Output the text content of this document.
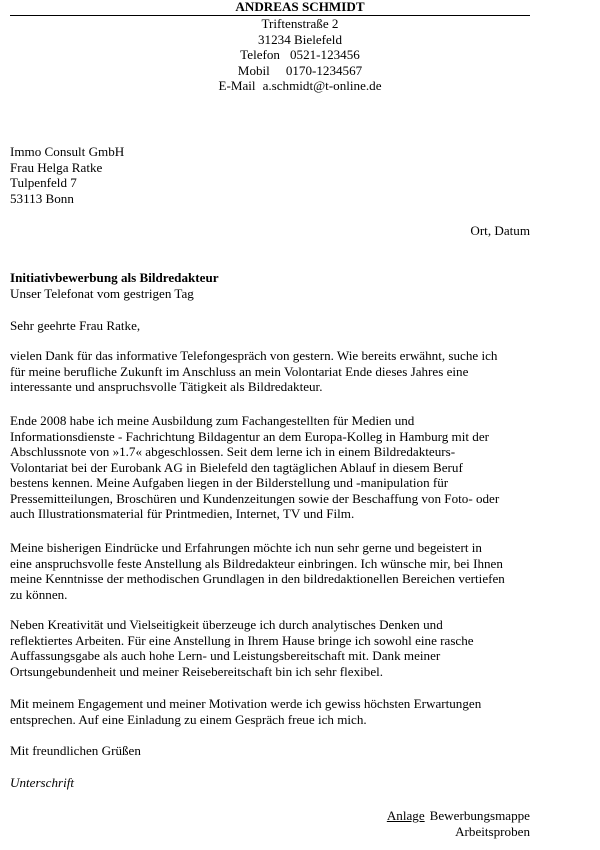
ANDREAS SCHMIDT
Triftenstraße 2
31234 Bielefeld
Telefon 0521-123456
Mobil 0170-1234567
E-Mail a.schmidt@t-online.de
Immo Consult GmbH
Frau Helga Ratke
Tulpenfeld 7
53113 Bonn
Ort, Datum
Initiativbewerbung als Bildredakteur
Unser Telefonat vom gestrigen Tag
Sehr geehrte Frau Ratke,
vielen Dank für das informative Telefongespräch von gestern. Wie bereits erwähnt, suche ich
für meine berufliche Zukunft im Anschluss an mein Volontariat Ende dieses Jahres eine
interessante und anspruchsvolle Tätigkeit als Bildredakteur.
Ende 2008 habe ich meine Ausbildung zum Fachangestellten für Medien und
Informationsdienste - Fachrichtung Bildagentur an dem Europa-Kolleg in Hamburg mit der
Abschlussnote von »1.7« abgeschlossen. Seit dem lerne ich in einem Bildredakteurs-
Volontariat bei der Eurobank AG in Bielefeld den tagtäglichen Ablauf in diesem Beruf
bestens kennen. Meine Aufgaben liegen in der Bilderstellung und -manipulation für
Pressemitteilungen, Broschüren und Kundenzeitungen sowie der Beschaffung von Foto- oder
auch Illustrationsmaterial für Printmedien, Internet, TV und Film.
Meine bisherigen Eindrücke und Erfahrungen möchte ich nun sehr gerne und begeistert in
eine anspruchsvolle feste Anstellung als Bildredakteur einbringen. Ich wünsche mir, bei Ihnen
meine Kenntnisse der methodischen Grundlagen in den bildredaktionellen Bereichen vertiefen
zu können.
Neben Kreativität und Vielseitigkeit überzeuge ich durch analytisches Denken und
reflektiertes Arbeiten. Für eine Anstellung in Ihrem Hause bringe ich sowohl eine rasche
Auffassungsgabe als auch hohe Lern- und Leistungsbereitschaft mit. Dank meiner
Ortsungebundenheit und meiner Reisebereitschaft bin ich sehr flexibel.
Mit meinem Engagement und meiner Motivation werde ich gewiss höchsten Erwartungen
entsprechen. Auf eine Einladung zu einem Gespräch freue ich mich.
Mit freundlichen Grüßen
Unterschrift
Anlage Bewerbungsmappe
Arbeitsproben
